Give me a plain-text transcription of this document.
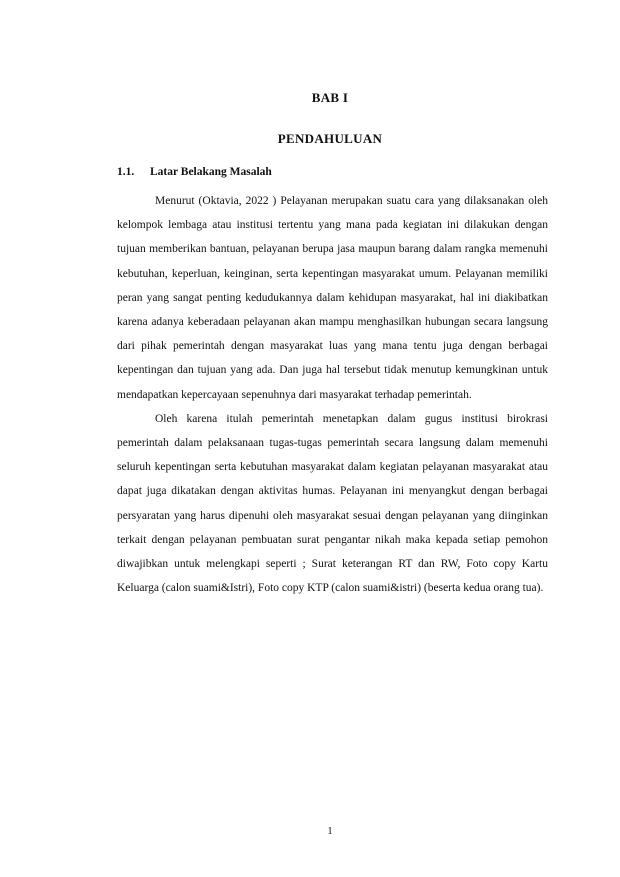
BAB I
PENDAHULUAN
1.1. Latar Belakang Masalah

Menurut (Oktavia, 2022 ) Pelayanan merupakan suatu cara yang dilaksanakan oleh kelompok lembaga atau institusi tertentu yang mana pada kegiatan ini dilakukan dengan tujuan memberikan bantuan, pelayanan berupa jasa maupun barang dalam rangka memenuhi kebutuhan, keperluan, keinginan, serta kepentingan masyarakat umum. Pelayanan memiliki peran yang sangat penting kedudukannya dalam kehidupan masyarakat, hal ini diakibatkan karena adanya keberadaan pelayanan akan mampu menghasilkan hubungan secara langsung dari pihak pemerintah dengan masyarakat luas yang mana tentu juga dengan berbagai kepentingan dan tujuan yang ada. Dan juga hal tersebut tidak menutup kemungkinan untuk mendapatkan kepercayaan sepenuhnya dari masyarakat terhadap pemerintah.

Oleh karena itulah pemerintah menetapkan dalam gugus institusi birokrasi pemerintah dalam pelaksanaan tugas-tugas pemerintah secara langsung dalam memenuhi seluruh kepentingan serta kebutuhan masyarakat dalam kegiatan pelayanan masyarakat atau dapat juga dikatakan dengan aktivitas humas. Pelayanan ini menyangkut dengan berbagai persyaratan yang harus dipenuhi oleh masyarakat sesuai dengan pelayanan yang diinginkan terkait dengan pelayanan pembuatan surat pengantar nikah maka kepada setiap pemohon diwajibkan untuk melengkapi seperti ; Surat keterangan RT dan RW, Foto copy Kartu Keluarga (calon suami&Istri), Foto copy KTP (calon suami&istri) (beserta kedua orang tua).

1
